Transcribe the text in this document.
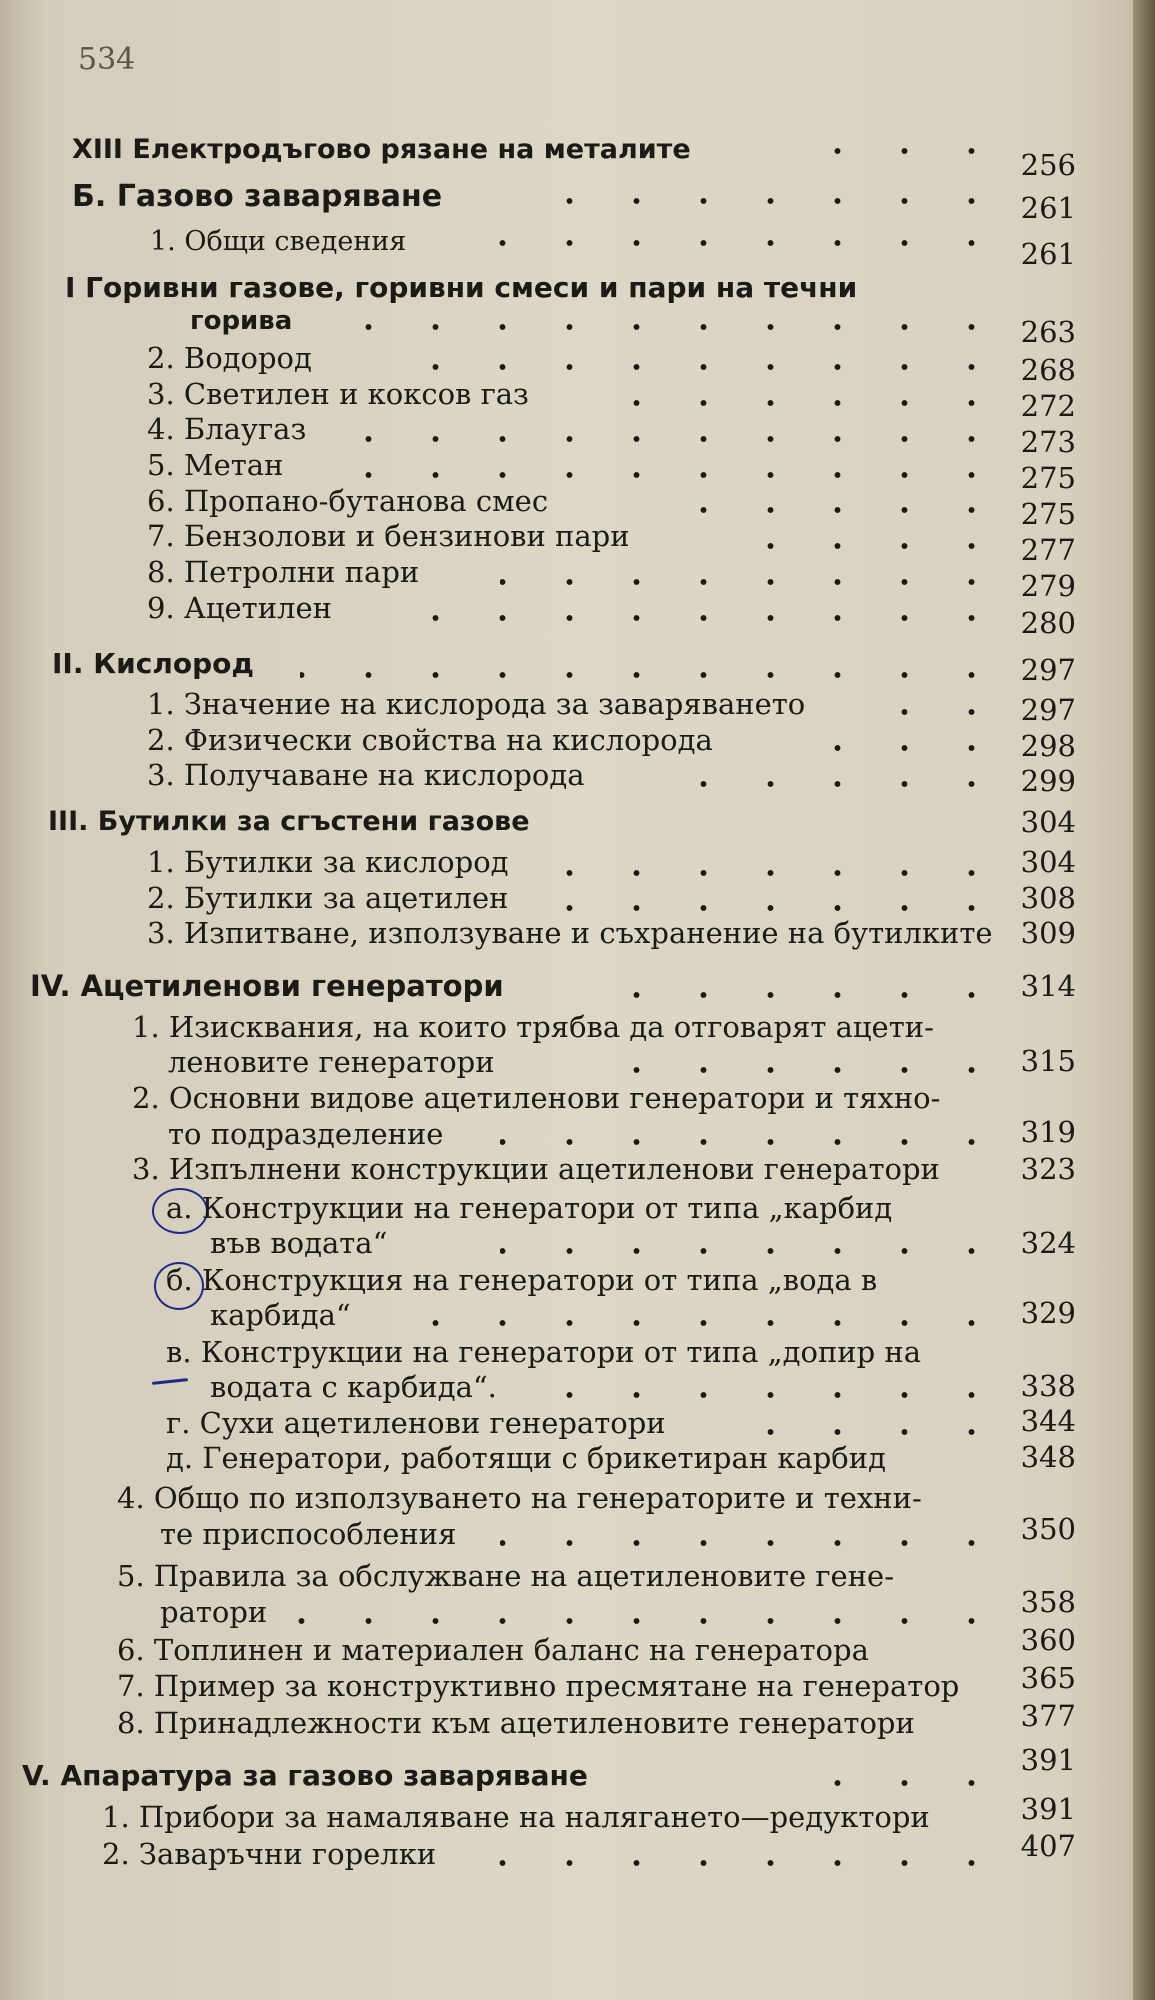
534
XIII Електродъгово рязане на металите	256
Б. Газово заваряване	261
1. Общи сведения	261
I Горивни газове, горивни смеси и пари на течни
горива	263
2. Водород	268
3. Светилен и коксов газ	272
4. Блаугаз	273
5. Метан	275
6. Пропано-бутанова смес	275
7. Бензолови и бензинови пари	277
8. Петролни пари	279
9. Ацетилен	280
II. Кислород	297
1. Значение на кислорода за заваряването	297
2. Физически свойства на кислорода	298
3. Получаване на кислорода	299
III. Бутилки за сгъстени газове	304
1. Бутилки за кислород	304
2. Бутилки за ацетилен	308
3. Изпитване, използуване и съхранение на бутилките 309
IV. Ацетиленови генератори	314
1. Изисквания, на които трябва да отговарят ацети-
леновите генератори	315
2. Основни видове ацетиленови генератори и тяхно-
то подразделение	319
3. Изпълнени конструкции ацетиленови генератори	323
а. Конструкции на генератори от типа „карбид
във водата“	324
б. Конструкция на генератори от типа „вода в
карбида“	329
в. Конструкции на генератори от типа „допир на
водата с карбида“.	338
г. Сухи ацетиленови генератори	344
д. Генератори, работящи с брикетиран карбид	348
4. Общо по използуването на генераторите и техни-
те приспособления	350
5. Правила за обслужване на ацетиленовите гене-
ратори	358
6. Топлинен и материален баланс на генератора	360
7. Пример за конструктивно пресмятане на генератор 365
8. Принадлежности към ацетиленовите генератори	377
V. Апаратура за газово заваряване	391
1. Прибори за намаляване на налягането—редуктори	391
2. Заваръчни горелки	407
